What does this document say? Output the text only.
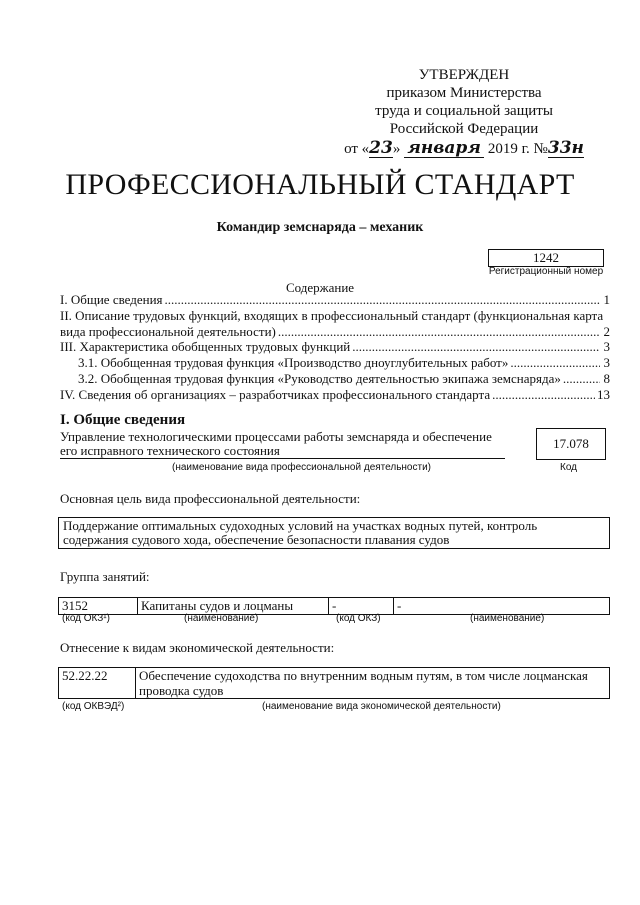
УТВЕРЖДЕН
приказом Министерства
труда и социальной защиты
Российской Федерации
от «23» января 2019 г. №33н
ПРОФЕССИОНАЛЬНЫЙ СТАНДАРТ
Командир земснаряда – механик
1242
Регистрационный номер
Содержание
I. Общие сведения .....	1
II. Описание трудовых функций, входящих в профессиональный стандарт (функциональная карта
вида профессиональной деятельности) .....	2
III. Характеристика обобщенных трудовых функций .....	3
3.1. Обобщенная трудовая функция «Производство дноуглубительных работ» .....	3
3.2. Обобщенная трудовая функция «Руководство деятельностью экипажа земснаряда» .....	8
IV. Сведения об организациях – разработчиках профессионального стандарта .....	13
I. Общие сведения
Управление технологическими процессами работы земснаряда и обеспечение его исправного технического состояния
(наименование вида профессиональной деятельности)
17.078
Код
Основная цель вида профессиональной деятельности:
Поддержание оптимальных судоходных условий на участках водных путей, контроль содержания судового хода, обеспечение безопасности плавания судов
Группа занятий:
3152	Капитаны судов и лоцманы	-	-
(код ОКЗ¹)	(наименование)	(код ОКЗ)	(наименование)
Отнесение к видам экономической деятельности:
52.22.22	Обеспечение судоходства по внутренним водным путям, в том числе лоцманская проводка судов
(код ОКВЭД²)	(наименование вида экономической деятельности)
